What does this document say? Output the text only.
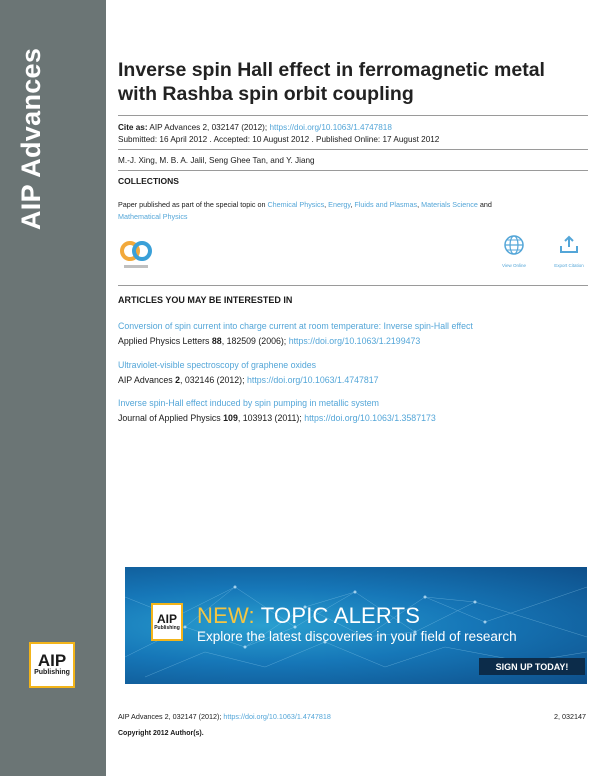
AIP Advances
AIP
Publishing
Inverse spin Hall effect in ferromagnetic metal with Rashba spin orbit coupling
Cite as: AIP Advances 2, 032147 (2012); https://doi.org/10.1063/1.4747818
Submitted: 16 April 2012 . Accepted: 10 August 2012 . Published Online: 17 August 2012
M.-J. Xing, M. B. A. Jalil, Seng Ghee Tan, and Y. Jiang
COLLECTIONS
Paper published as part of the special topic on Chemical Physics, Energy, Fluids and Plasmas, Materials Science and
Mathematical Physics
View Online	Export Citation
ARTICLES YOU MAY BE INTERESTED IN
Conversion of spin current into charge current at room temperature: Inverse spin-Hall effect
Applied Physics Letters 88, 182509 (2006); https://doi.org/10.1063/1.2199473
Ultraviolet-visible spectroscopy of graphene oxides
AIP Advances 2, 032146 (2012); https://doi.org/10.1063/1.4747817
Inverse spin-Hall effect induced by spin pumping in metallic system
Journal of Applied Physics 109, 103913 (2011); https://doi.org/10.1063/1.3587173
AIP
Publishing NEW: TOPIC ALERTS
Explore the latest discoveries in your field of research
SIGN UP TODAY!
AIP Advances 2, 032147 (2012); https://doi.org/10.1063/1.4747818	2, 032147
Copyright 2012 Author(s).
